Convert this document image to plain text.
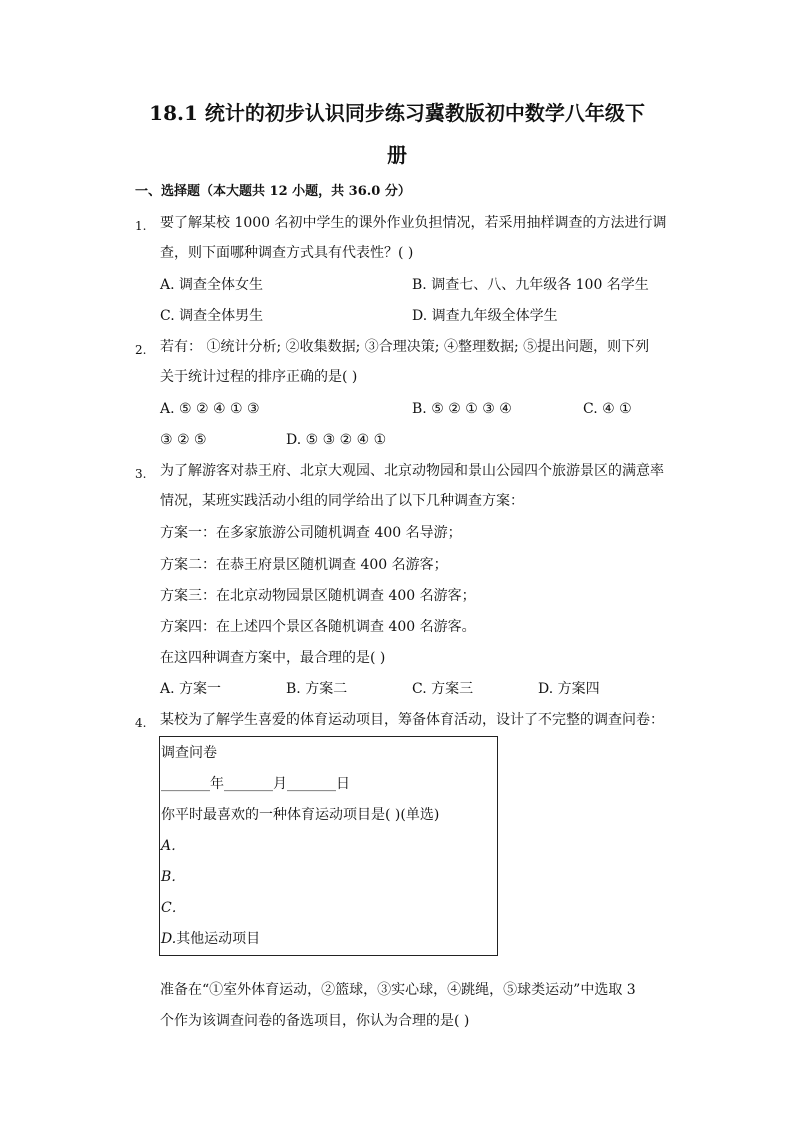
18.1 统计的初步认识同步练习冀教版初中数学八年级下
册
一、选择题（本大题共 12 小题，共 36.0 分）
1. 要了解某校 1000 名初中学生的课外作业负担情况，若采用抽样调查的方法进行调
查，则下面哪种调查方式具有代表性？( )
A. 调查全体女生	B. 调查七、八、九年级各 100 名学生
C. 调查全体男生	D. 调查九年级全体学生
2. 若有： ①统计分析; ②收集数据; ③合理决策; ④整理数据; ⑤提出问题，则下列
关于统计过程的排序正确的是( )
A. ⑤ ② ④ ① ③	B. ⑤ ② ① ③ ④	C. ④ ①
③ ② ⑤	D. ⑤ ③ ② ④ ①
3. 为了解游客对恭王府、北京大观园、北京动物园和景山公园四个旅游景区的满意率
情况，某班实践活动小组的同学给出了以下几种调查方案：
方案一：在多家旅游公司随机调查 400 名导游；
方案二：在恭王府景区随机调查 400 名游客；
方案三：在北京动物园景区随机调查 400 名游客；
方案四：在上述四个景区各随机调查 400 名游客。
在这四种调查方案中，最合理的是( )
A. 方案一	B. 方案二	C. 方案三	D. 方案四
4. 某校为了解学生喜爱的体育运动项目，筹备体育活动，设计了不完整的调查问卷：
调查问卷
_______年_______月_______日
你平时最喜欢的一种体育运动项目是( )(单选)
A．
B．
C．
D.其他运动项目
准备在“①室外体育运动，②篮球，③实心球，④跳绳，⑤球类运动”中选取 3
个作为该调查问卷的备选项目，你认为合理的是( )
